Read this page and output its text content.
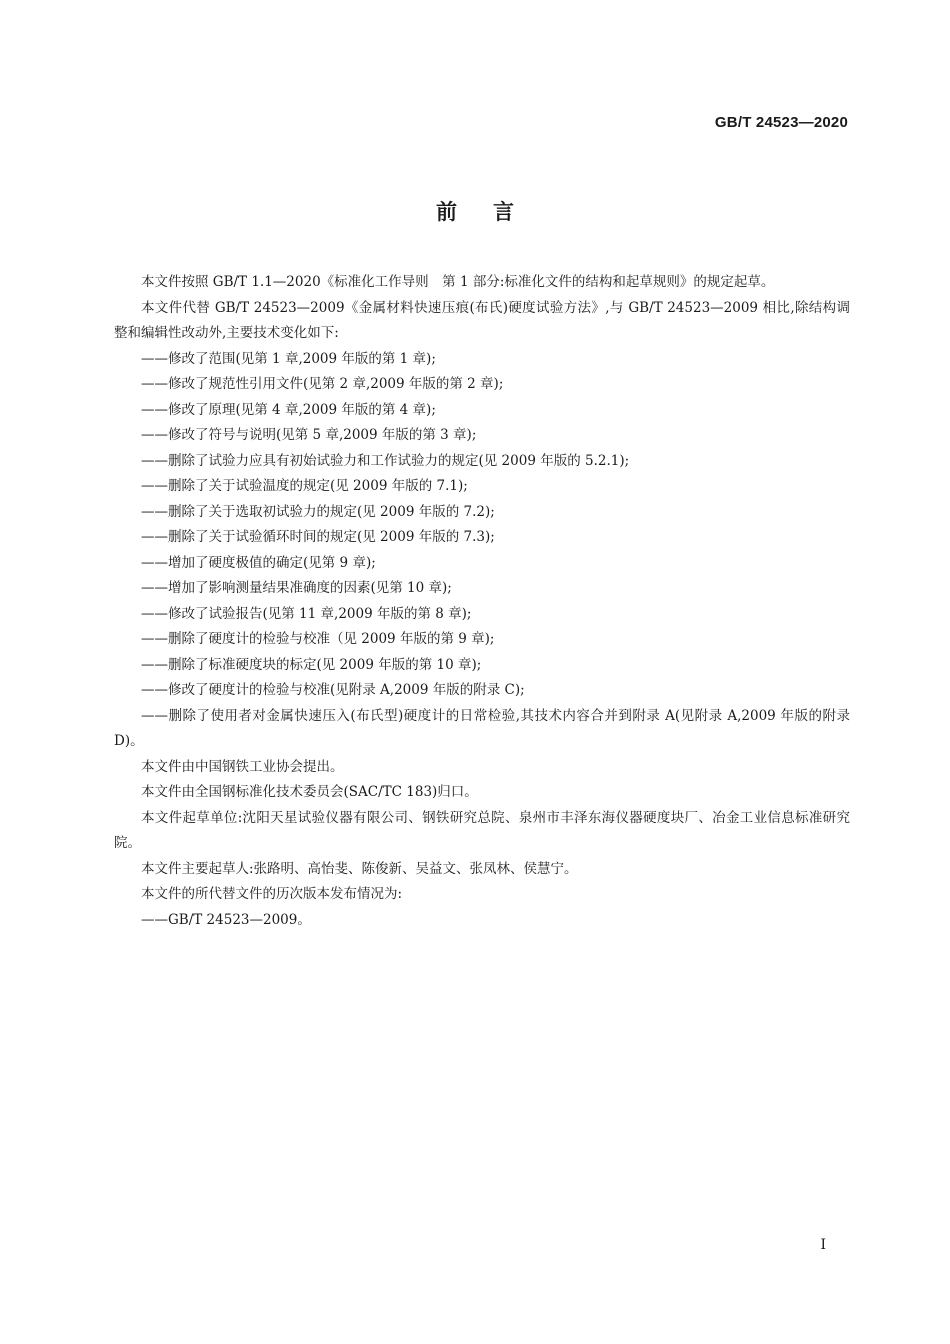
GB/T 24523—2020
前 言

本文件按照 GB/T 1.1—2020《标准化工作导则　第 1 部分:标准化文件的结构和起草规则》的规定起草。

本文件代替 GB/T 24523—2009《金属材料快速压痕(布氏)硬度试验方法》,与 GB/T 24523—2009 相比,除结构调整和编辑性改动外,主要技术变化如下:

——修改了范围(见第 1 章,2009 年版的第 1 章);

——修改了规范性引用文件(见第 2 章,2009 年版的第 2 章);

——修改了原理(见第 4 章,2009 年版的第 4 章);

——修改了符号与说明(见第 5 章,2009 年版的第 3 章);

——删除了试验力应具有初始试验力和工作试验力的规定(见 2009 年版的 5.2.1);

——删除了关于试验温度的规定(见 2009 年版的 7.1);

——删除了关于选取初试验力的规定(见 2009 年版的 7.2);

——删除了关于试验循环时间的规定(见 2009 年版的 7.3);

——增加了硬度极值的确定(见第 9 章);

——增加了影响测量结果准确度的因素(见第 10 章);

——修改了试验报告(见第 11 章,2009 年版的第 8 章);

——删除了硬度计的检验与校准（见 2009 年版的第 9 章);

——删除了标准硬度块的标定(见 2009 年版的第 10 章);

——修改了硬度计的检验与校准(见附录 A,2009 年版的附录 C);

——删除了使用者对金属快速压入(布氏型)硬度计的日常检验,其技术内容合并到附录 A(见附录 A,2009 年版的附录 D)。

本文件由中国钢铁工业协会提出。

本文件由全国钢标准化技术委员会(SAC/TC 183)归口。

本文件起草单位:沈阳天星试验仪器有限公司、钢铁研究总院、泉州市丰泽东海仪器硬度块厂、冶金工业信息标准研究院。

本文件主要起草人:张路明、高怡斐、陈俊新、吴益文、张凤林、侯慧宁。

本文件的所代替文件的历次版本发布情况为:

——GB/T 24523—2009。

I
